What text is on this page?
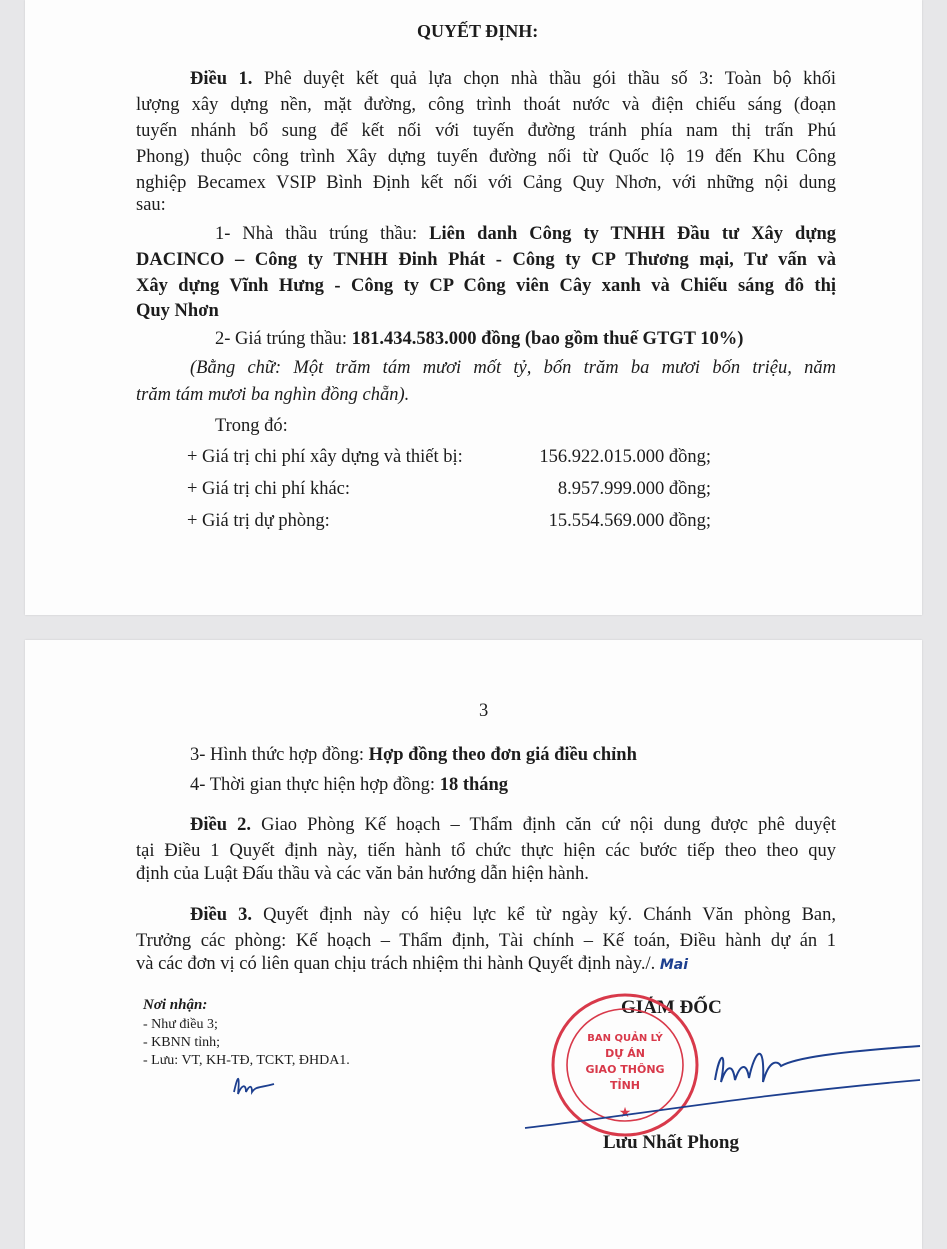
QUYẾT ĐỊNH:
Điều 1. Phê duyệt kết quả lựa chọn nhà thầu gói thầu số 3: Toàn bộ khối
lượng xây dựng nền, mặt đường, công trình thoát nước và điện chiếu sáng (đoạn
tuyến nhánh bổ sung để kết nối với tuyến đường tránh phía nam thị trấn Phú
Phong) thuộc công trình Xây dựng tuyến đường nối từ Quốc lộ 19 đến Khu Công
nghiệp Becamex VSIP Bình Định kết nối với Cảng Quy Nhơn, với những nội dung
sau:
1- Nhà thầu trúng thầu: Liên danh Công ty TNHH Đầu tư Xây dựng
DACINCO – Công ty TNHH Đinh Phát - Công ty CP Thương mại, Tư vấn và
Xây dựng Vĩnh Hưng - Công ty CP Công viên Cây xanh và Chiếu sáng đô thị
Quy Nhơn
2- Giá trúng thầu: 181.434.583.000 đồng (bao gồm thuế GTGT 10%)
(Bằng chữ: Một trăm tám mươi mốt tỷ, bốn trăm ba mươi bốn triệu, năm
trăm tám mươi ba nghìn đồng chẵn).
Trong đó:
+ Giá trị chi phí xây dựng và thiết bị:	156.922.015.000 đồng;
+ Giá trị chi phí khác:	8.957.999.000 đồng;
+ Giá trị dự phòng:	15.554.569.000 đồng;
3
3- Hình thức hợp đồng: Hợp đồng theo đơn giá điều chỉnh
4- Thời gian thực hiện hợp đồng: 18 tháng
Điều 2. Giao Phòng Kế hoạch – Thẩm định căn cứ nội dung được phê duyệt
tại Điều 1 Quyết định này, tiến hành tổ chức thực hiện các bước tiếp theo theo quy
định của Luật Đấu thầu và các văn bản hướng dẫn hiện hành.
Điều 3. Quyết định này có hiệu lực kể từ ngày ký. Chánh Văn phòng Ban,
Trưởng các phòng: Kế hoạch – Thẩm định, Tài chính – Kế toán, Điều hành dự án 1
và các đơn vị có liên quan chịu trách nhiệm thi hành Quyết định này./. Mai
Nơi nhận:
- Như điều 3;
- KBNN tỉnh;
- Lưu: VT, KH-TĐ, TCKT, ĐHDA1.
GIÁM ĐỐC
BAN QUẢN LÝ
DỰ ÁN
GIAO THÔNG
TỈNH
★
Lưu Nhất Phong
